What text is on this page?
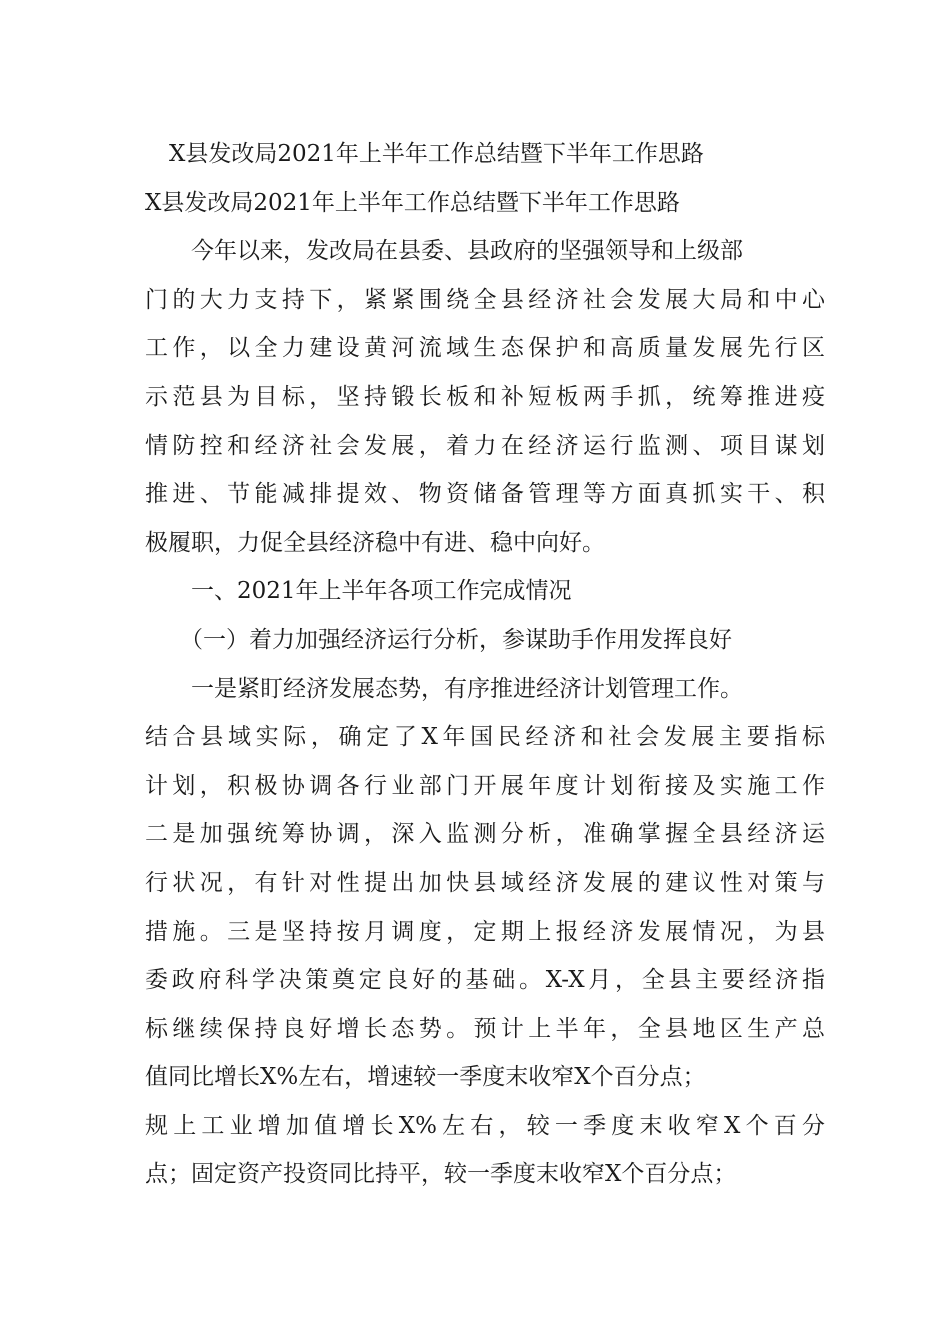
X县发改局2021年上半年工作总结暨下半年工作思路
X县发改局2021年上半年工作总结暨下半年工作思路
今年以来，发改局在县委、县政府的坚强领导和上级部
门的大力支持下，紧紧围绕全县经济社会发展大局和中心
工作，以全力建设黄河流域生态保护和高质量发展先行区
示范县为目标，坚持锻长板和补短板两手抓，统筹推进疫
情防控和经济社会发展，着力在经济运行监测、项目谋划
推进、节能减排提效、物资储备管理等方面真抓实干、积
极履职，力促全县经济稳中有进、稳中向好。
一、2021年上半年各项工作完成情况
（一）着力加强经济运行分析，参谋助手作用发挥良好
一是紧盯经济发展态势，有序推进经济计划管理工作。
结合县域实际，确定了X年国民经济和社会发展主要指标
计划，积极协调各行业部门开展年度计划衔接及实施工作
二是加强统筹协调，深入监测分析，准确掌握全县经济运
行状况，有针对性提出加快县域经济发展的建议性对策与
措施。三是坚持按月调度，定期上报经济发展情况，为县
委政府科学决策奠定良好的基础。X-X月，全县主要经济指
标继续保持良好增长态势。预计上半年，全县地区生产总
值同比增长X%左右，增速较一季度末收窄X个百分点；
规上工业增加值增长X%左右，较一季度末收窄X个百分
点；固定资产投资同比持平，较一季度末收窄X个百分点；
